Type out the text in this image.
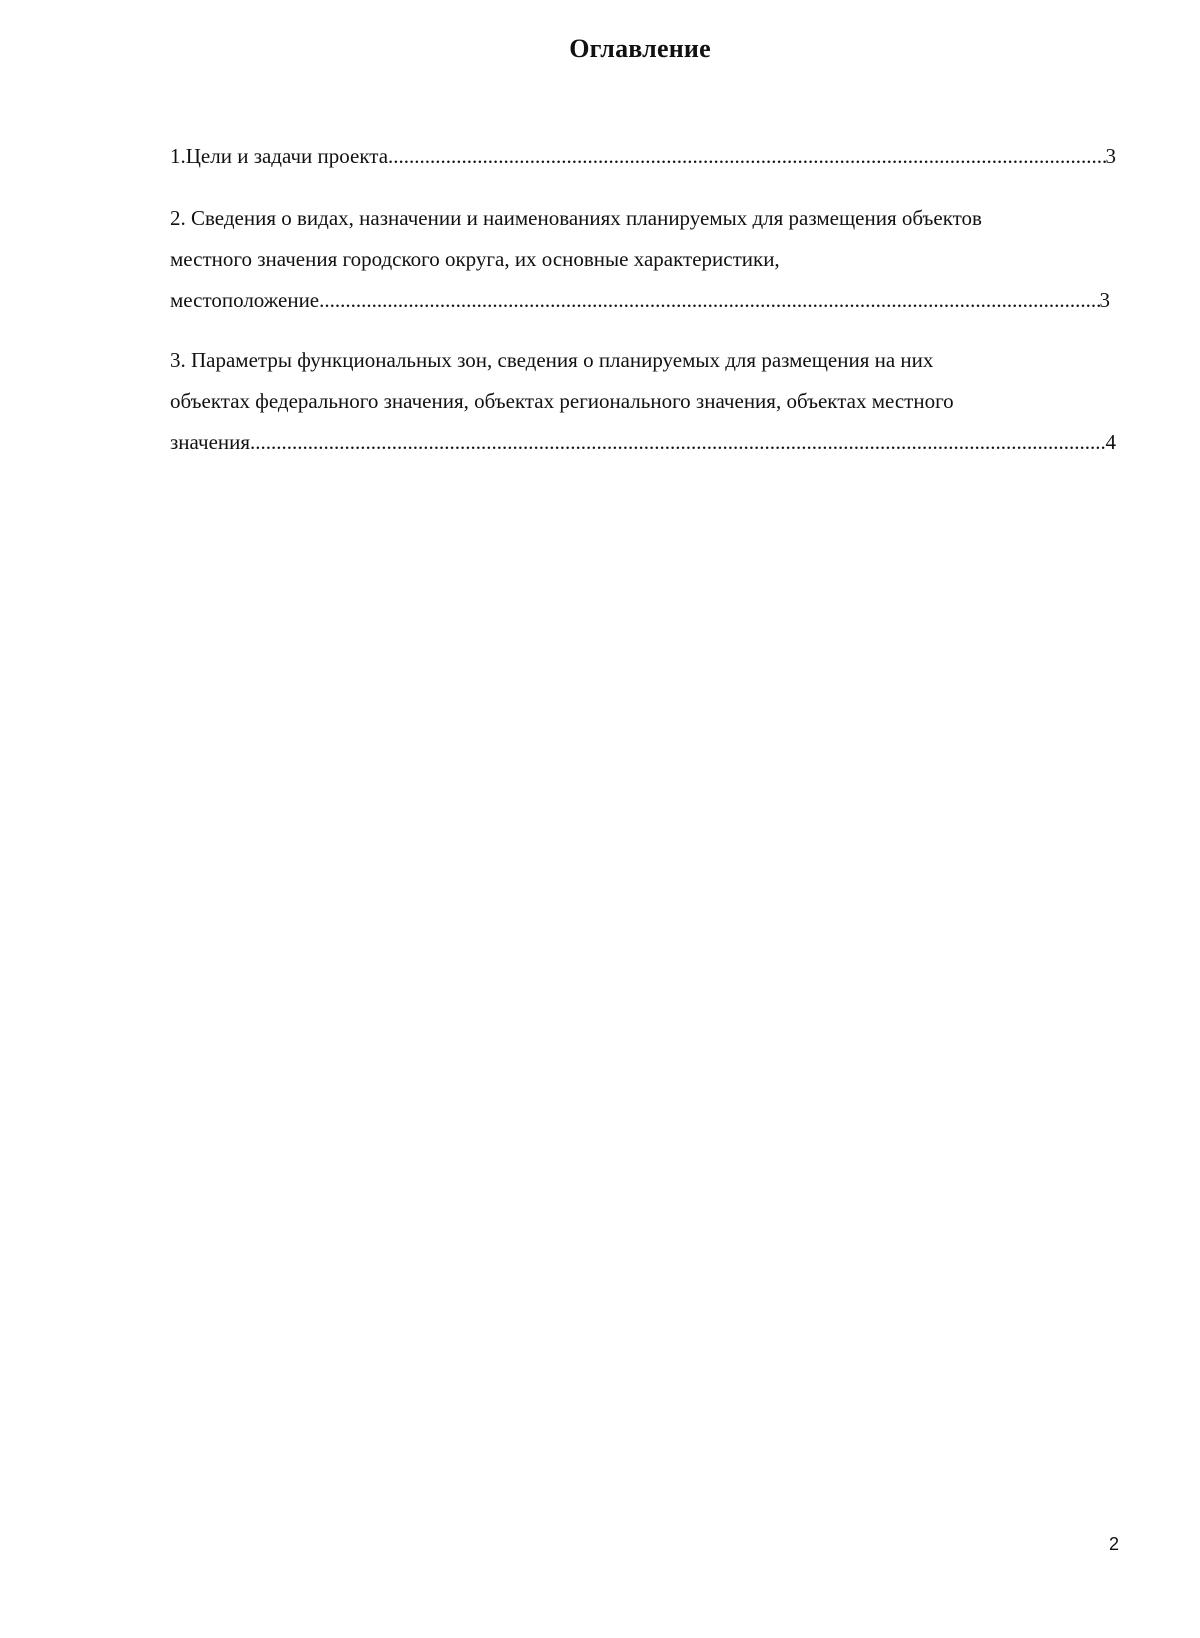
Оглавление
1.Цели и задачи проекта .....	3
2. Сведения о видах, назначении и наименованиях планируемых для размещения объектов
местного значения городского округа, их основные характеристики,
местоположение .....	3
3. Параметры функциональных зон, сведения о планируемых для размещения на них
объектах федерального значения, объектах регионального значения, объектах местного
значения .....	4
2
